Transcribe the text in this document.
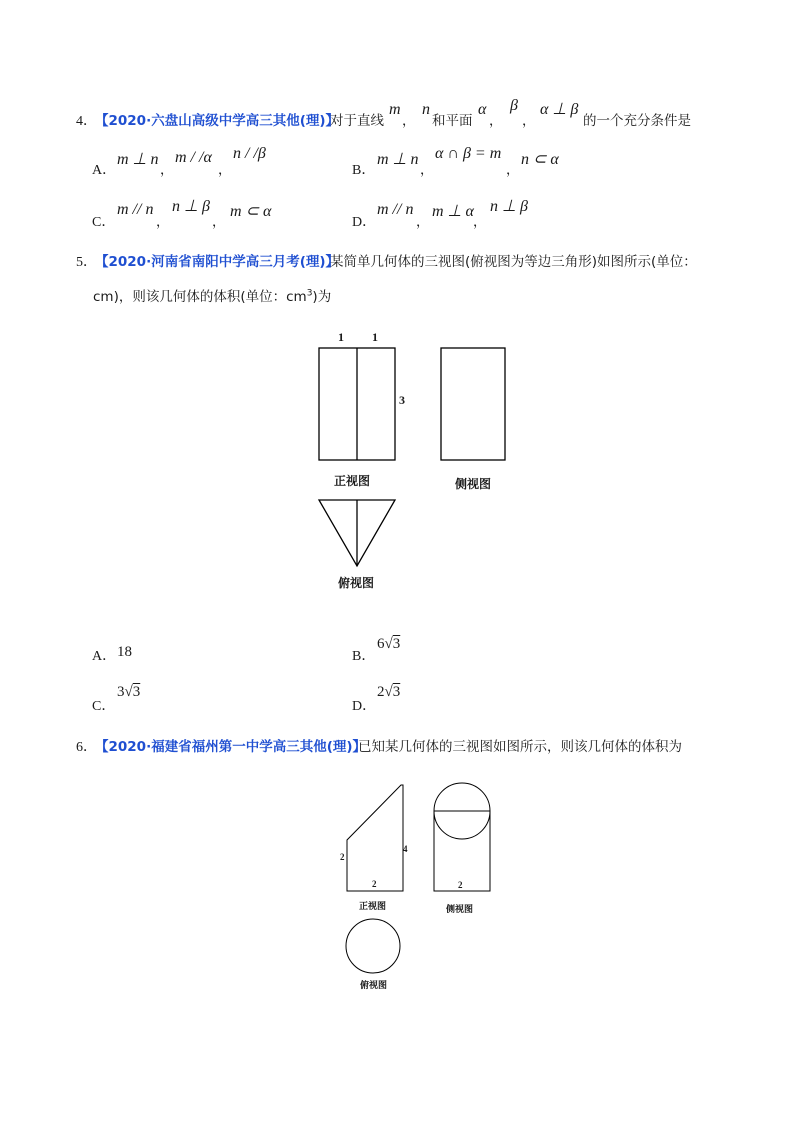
4．
【2020·六盘山高级中学高三其他(理)】
对于直线
m
，
n
和平面
α
，
β
，
α ⊥ β
的一个充分条件是
A．
m ⊥ n
，
m / /α
，
n / /β
B．
m ⊥ n
，
α ∩ β = m
，
n ⊂ α
C．
m // n
，
n ⊥ β
，
m ⊂ α
D．
m // n
，
m ⊥ α
，
n ⊥ β
5．
【2020·河南省南阳中学高三月考(理)】
某简单几何体的三视图(俯视图为等边三角形)如图所示(单位：
cm)，则该几何体的体积(单位：$cm^3$)为
1 1
3
正视图	侧视图
俯视图
A． 18	B．
6√3
C．
3√3
D．
2√3
6．
【2020·福建省福州第一中学高三其他(理)】
已知某几何体的三视图如图所示，则该几何体的体积为
2
4
2	2
正视图	侧视图
俯视图
